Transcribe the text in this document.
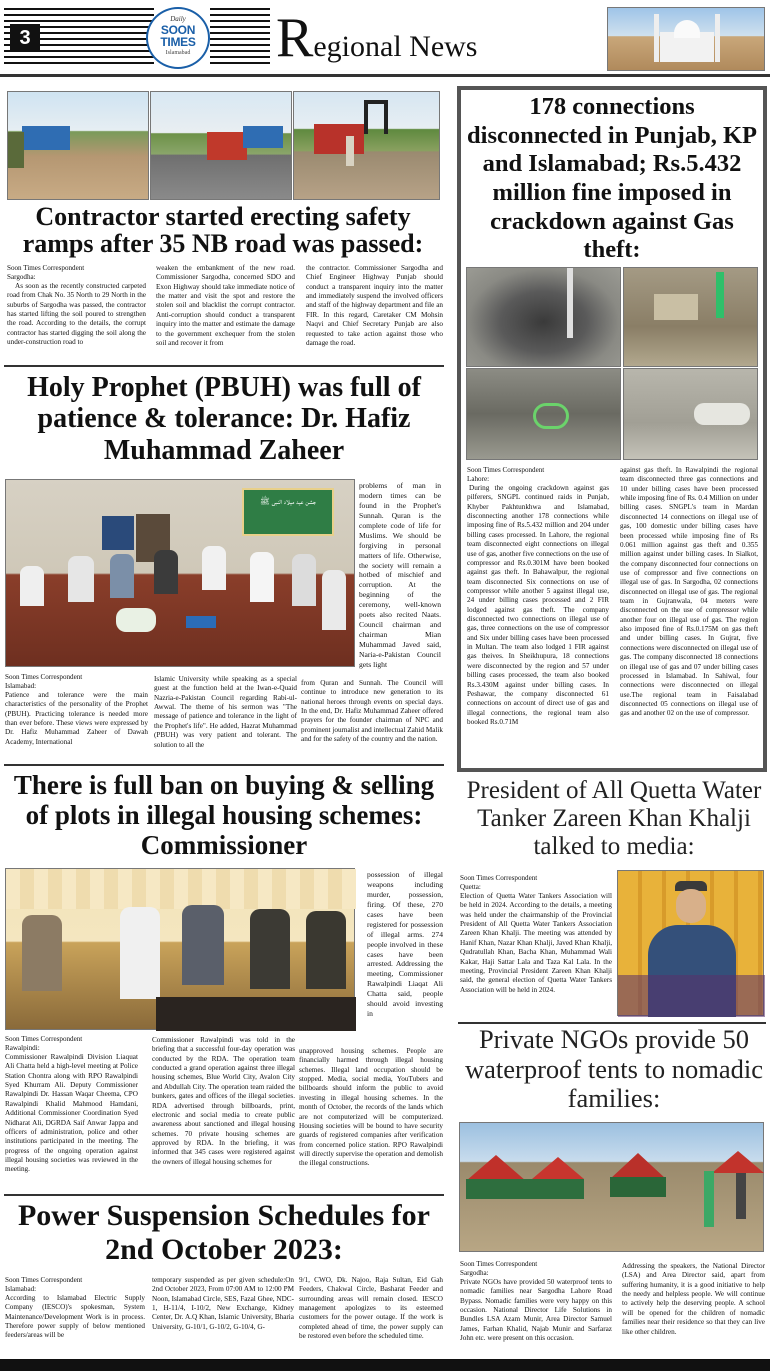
3
Daily
SOON TIMES
Islamabad	Regional News
Contractor started erecting safety ramps after 35 NB road was passed:
Soon Times Correspondent
Sargodha:
As soon as the recently constructed carpeted road from Chak No. 35 North to 29 North in the suburbs of Sargodha was passed, the contractor has started lifting the soil poured to strengthen the road. According to the details, the corrupt contractor has started digging the soil along the under-construction road to
weaken the embankment of the new road. Commissioner Sargodha, concerned SDO and Exon Highway should take immediate notice of the matter and visit the spot and restore the stolen soil and blacklist the corrupt contractor. Anti-corruption should conduct a transparent inquiry into the matter and estimate the damage to the government exchequer from the stolen soil and recover it from
the contractor. Commissioner Sargodha and Chief Engineer Highway Punjab should conduct a transparent inquiry into the matter and immediately suspend the involved officers and staff of the highway department and file an FIR. In this regard, Caretaker CM Mohsin Naqvi and Chief Secretary Punjab are also requested to take action against those who damage the road.
Holy Prophet (PBUH) was full of patience & tolerance: Dr. Hafiz Muhammad Zaheer
جشن عید میلاد النبی ﷺ
problems of man in modern times can be found in the Prophet's Sunnah. Quran is the complete code of life for Muslims. We should be forgiving in personal matters of life. Otherwise, the society will remain a hotbed of mischief and corruption. At the beginning of the ceremony, well-known poets also recited Naats. Council chairman and chairman Mian Muhammad Javed said, Naria-e-Pakistan Council gets light
Soon Times Correspondent
Islamabad:
Patience and tolerance were the main characteristics of the personality of the Prophet (PBUH). Practicing tolerance is needed more than ever before. These views were expressed by Dr. Hafiz Muhammad Zaheer of Dawah Academy, International
Islamic University while speaking as a special guest at the function held at the Iwan-e-Quaid Nazria-e-Pakistan Council regarding Rabi-ul-Awwal. The theme of his sermon was "The message of patience and tolerance in the light of the Prophet's life". He added, Hazrat Muhammad (PBUH) was very patient and tolerant. The solution to all the
from Quran and Sunnah. The Council will continue to introduce new generation to its national heroes through events on special days. In the end, Dr. Hafiz Muhammad Zaheer offered prayers for the founder chairman of NPC and prominent journalist and intellectual Zahid Malik and for the safety of the country and the nation.
There is full ban on buying & selling of plots in illegal housing schemes: Commissioner
possession of illegal weapons including murder, possession, firing. Of these, 270 cases have been registered for possession of illegal arms. 274 people involved in these cases have been arrested. Addressing the meeting, Commissioner Rawalpindi Liaqat Ali Chatta said, people should avoid investing in
Soon Times Correspondent
Rawalpindi:
Commissioner Rawalpindi Division Liaquat Ali Chatta held a high-level meeting at Police Station Chontra along with RPO Rawalpindi Syed Khurram Ali. Deputy Commissioner Rawalpindi Dr. Hassan Waqar Cheema, CPO Rawalpindi Khalid Mahmood Hamdani, Additional Commissioner Coordination Syed Nidharat Ali, DGRDA Saif Anwar Jappa and officers of administration, police and other institutions participated in the meeting. The progress of the ongoing operation against illegal housing societies was reviewed in the meeting.
Commissioner Rawalpindi was told in the briefing that a successful four-day operation was conducted by the RDA. The operation team conducted a grand operation against three illegal housing schemes, Blue World City, Avalon City and Abdullah City. The operation team raided the bunkers, gates and offices of the illegal societies. RDA advertised through billboards, print, electronic and social media to create public awareness about sanctioned and illegal housing schemes. 70 private housing schemes are approved by RDA. In the briefing, it was informed that 345 cases were registered against the owners of illegal housing schemes for
unapproved housing schemes. People are financially harmed through illegal housing schemes. Illegal land occupation should be stopped. Media, social media, YouTubers and billboards should inform the public to avoid investing in illegal housing schemes. In the month of October, the records of the lands which are not computerized will be computerized. Housing societies will be bound to have security guards of registered companies after verification from concerned police station. RPO Rawalpindi will directly supervise the operation and demolish the illegal constructions.
Power Suspension Schedules for 2nd October 2023:
Soon Times Correspondent
Islamabad:
According to Islamabad Electric Supply Company (IESCO)'s spokesman, System Maintenance/Development Work is in process. Therefore power supply of below mentioned feeders/areas will be
temporary suspended as per given schedule:On 2nd October 2023, From 07:00 AM to 12:00 PM Noon, Islamabad Circle, SES, Fazal Ghee, NDC-1, H-11/4, I-10/2, New Exchange, Kidney Center, Dr. A.Q Khan, Islamic University, Bharia University, G-10/1, G-10/2, G-10/4, G-
9/1, CWO, Dk. Najoo, Raja Sultan, Eid Gah Feeders, Chakwal Circle, Basharat Feeder and surrounding areas will remain closed. IESCO management apologizes to its esteemed customers for the power outage. If the work is completed ahead of time, the power supply can be restored even before the scheduled time.
178 connections disconnected in Punjab, KP and Islamabad; Rs.5.432 million fine imposed in crackdown against Gas theft:
Soon Times Correspondent
Lahore:
During the ongoing crackdown against gas pilferers, SNGPL continued raids in Punjab, Khyber Pakhtunkhwa and Islamabad, disconnecting another 178 connections while imposing fine of Rs.5.432 million and 204 under billing cases processed. In Lahore, the regional team disconnected eight connections on illegal use of gas, another five connections on the use of compressor and Rs.0.301M have been booked against gas theft. In Bahawalpur, the regional team disconnected Six connections on use of compressor while another 5 against illegal use, 24 under billing cases processed and 2 FIR lodged against gas theft. The company disconnected two connections on illegal use of gas, three connections on the use of compressor and Six under billing cases have been processed in Multan. The team also lodged 1 FIR against gas theives. In Sheikhupura, 18 connections were disconnected by the region and 57 under billing cases processed, the team also booked Rs.3.430M against under billing cases. In Peshawar, the company disconnected 61 connections on account of direct use of gas and illegal connections, the regional team also booked Rs.0.71M
against gas theft. In Rawalpindi the regional team disconnected three gas connections and 10 under billing cases have been processed while imposing fine of Rs. 0.4 Million on under billing cases. SNGPL's team in Mardan disconnected 14 connections on illegal use of gas, 100 domestic under billing cases have been processed while imposing fine of Rs 0.061 million against gas theft and 0.355 million against under billing cases. In Sialkot, the company disconnected four connections on use of compressor and five connections on illegal use of gas. In Sargodha, 02 connections disconnected on illegal use of gas. The regional team in Gujranwala, 04 meters were disconnected on the use of compressor while another four on illegal use of gas. The region also imposed fine of Rs.0.175M on gas theft and under billing cases. In Gujrat, five connections were disconnected on illegal use of gas. The company disconnected 18 connections on illegal use of gas and 07 under billing cases processed in Islamabad. In Sahiwal, four connections were disconnected on illegal use.The regional team in Faisalabad disconnected 05 connections on illegal use of gas and another 02 on the use of compressor.
President of All Quetta Water Tanker Zareen Khan Khalji talked to media:
Soon Times Correspondent
Quetta:
Election of Quetta Water Tankers Association will be held in 2024. According to the details, a meeting was held under the chairmanship of the Provincial President of All Quetta Water Tankers Association Zareen Khan Khalji. The meeting was attended by Hanif Khan, Nazar Khan Khalji, Javed Khan Khalji, Qudratullah Khan, Bacha Khan, Muhammad Wali Kakar, Haji Sattar Lala and Taza Kal Lala. In the meeting, Provincial President Zareen Khan Khalji said, the general election of Quetta Water Tankers Association will be held in 2024.
Private NGOs provide 50 waterproof tents to nomadic families:
Soon Times Correspondent
Sargodha:
Private NGOs have provided 50 waterproof tents to nomadic families near Sargodha Lahore Road Bypass. Nomadic families were very happy on this occasion. National Director Life Solutions in Bundles LSA Azam Munir, Area Director Samuel James, Farhan Khalid, Najab Munir and Sarfaraz John etc. were present on this occasion.
Addressing the speakers, the National Director (LSA) and Area Director said, apart from suffering humanity, it is a good initiative to help the needy and helpless people. We will continue to actively help the deserving people. A school will be opened for the children of nomadic families near their residence so that they can live like other children.
